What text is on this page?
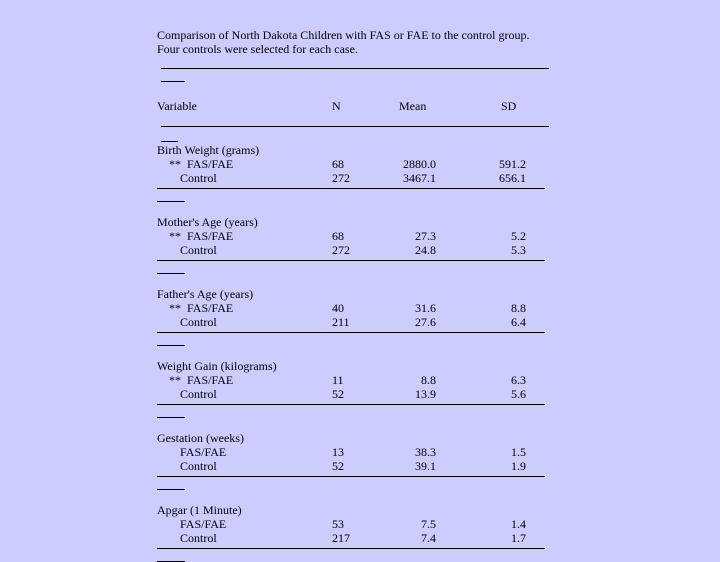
Comparison of North Dakota Children with FAS or FAE to the control group.
Four controls were selected for each case.
Variable	N	Mean	SD
Birth Weight (grams)
**  FAS/FAE	68	2880.0	591.2
Control	272	3467.1	656.1
Mother's Age (years)
**  FAS/FAE	68	27.3	5.2
Control	272	24.8	5.3
Father's Age (years)
**  FAS/FAE	40	31.6	8.8
Control	211	27.6	6.4
Weight Gain (kilograms)
**  FAS/FAE	11	8.8	6.3
Control	52	13.9	5.6
Gestation (weeks)
FAS/FAE	13	38.3	1.5
Control	52	39.1	1.9
Apgar (1 Minute)
FAS/FAE	53	7.5	1.4
Control	217	7.4	1.7
